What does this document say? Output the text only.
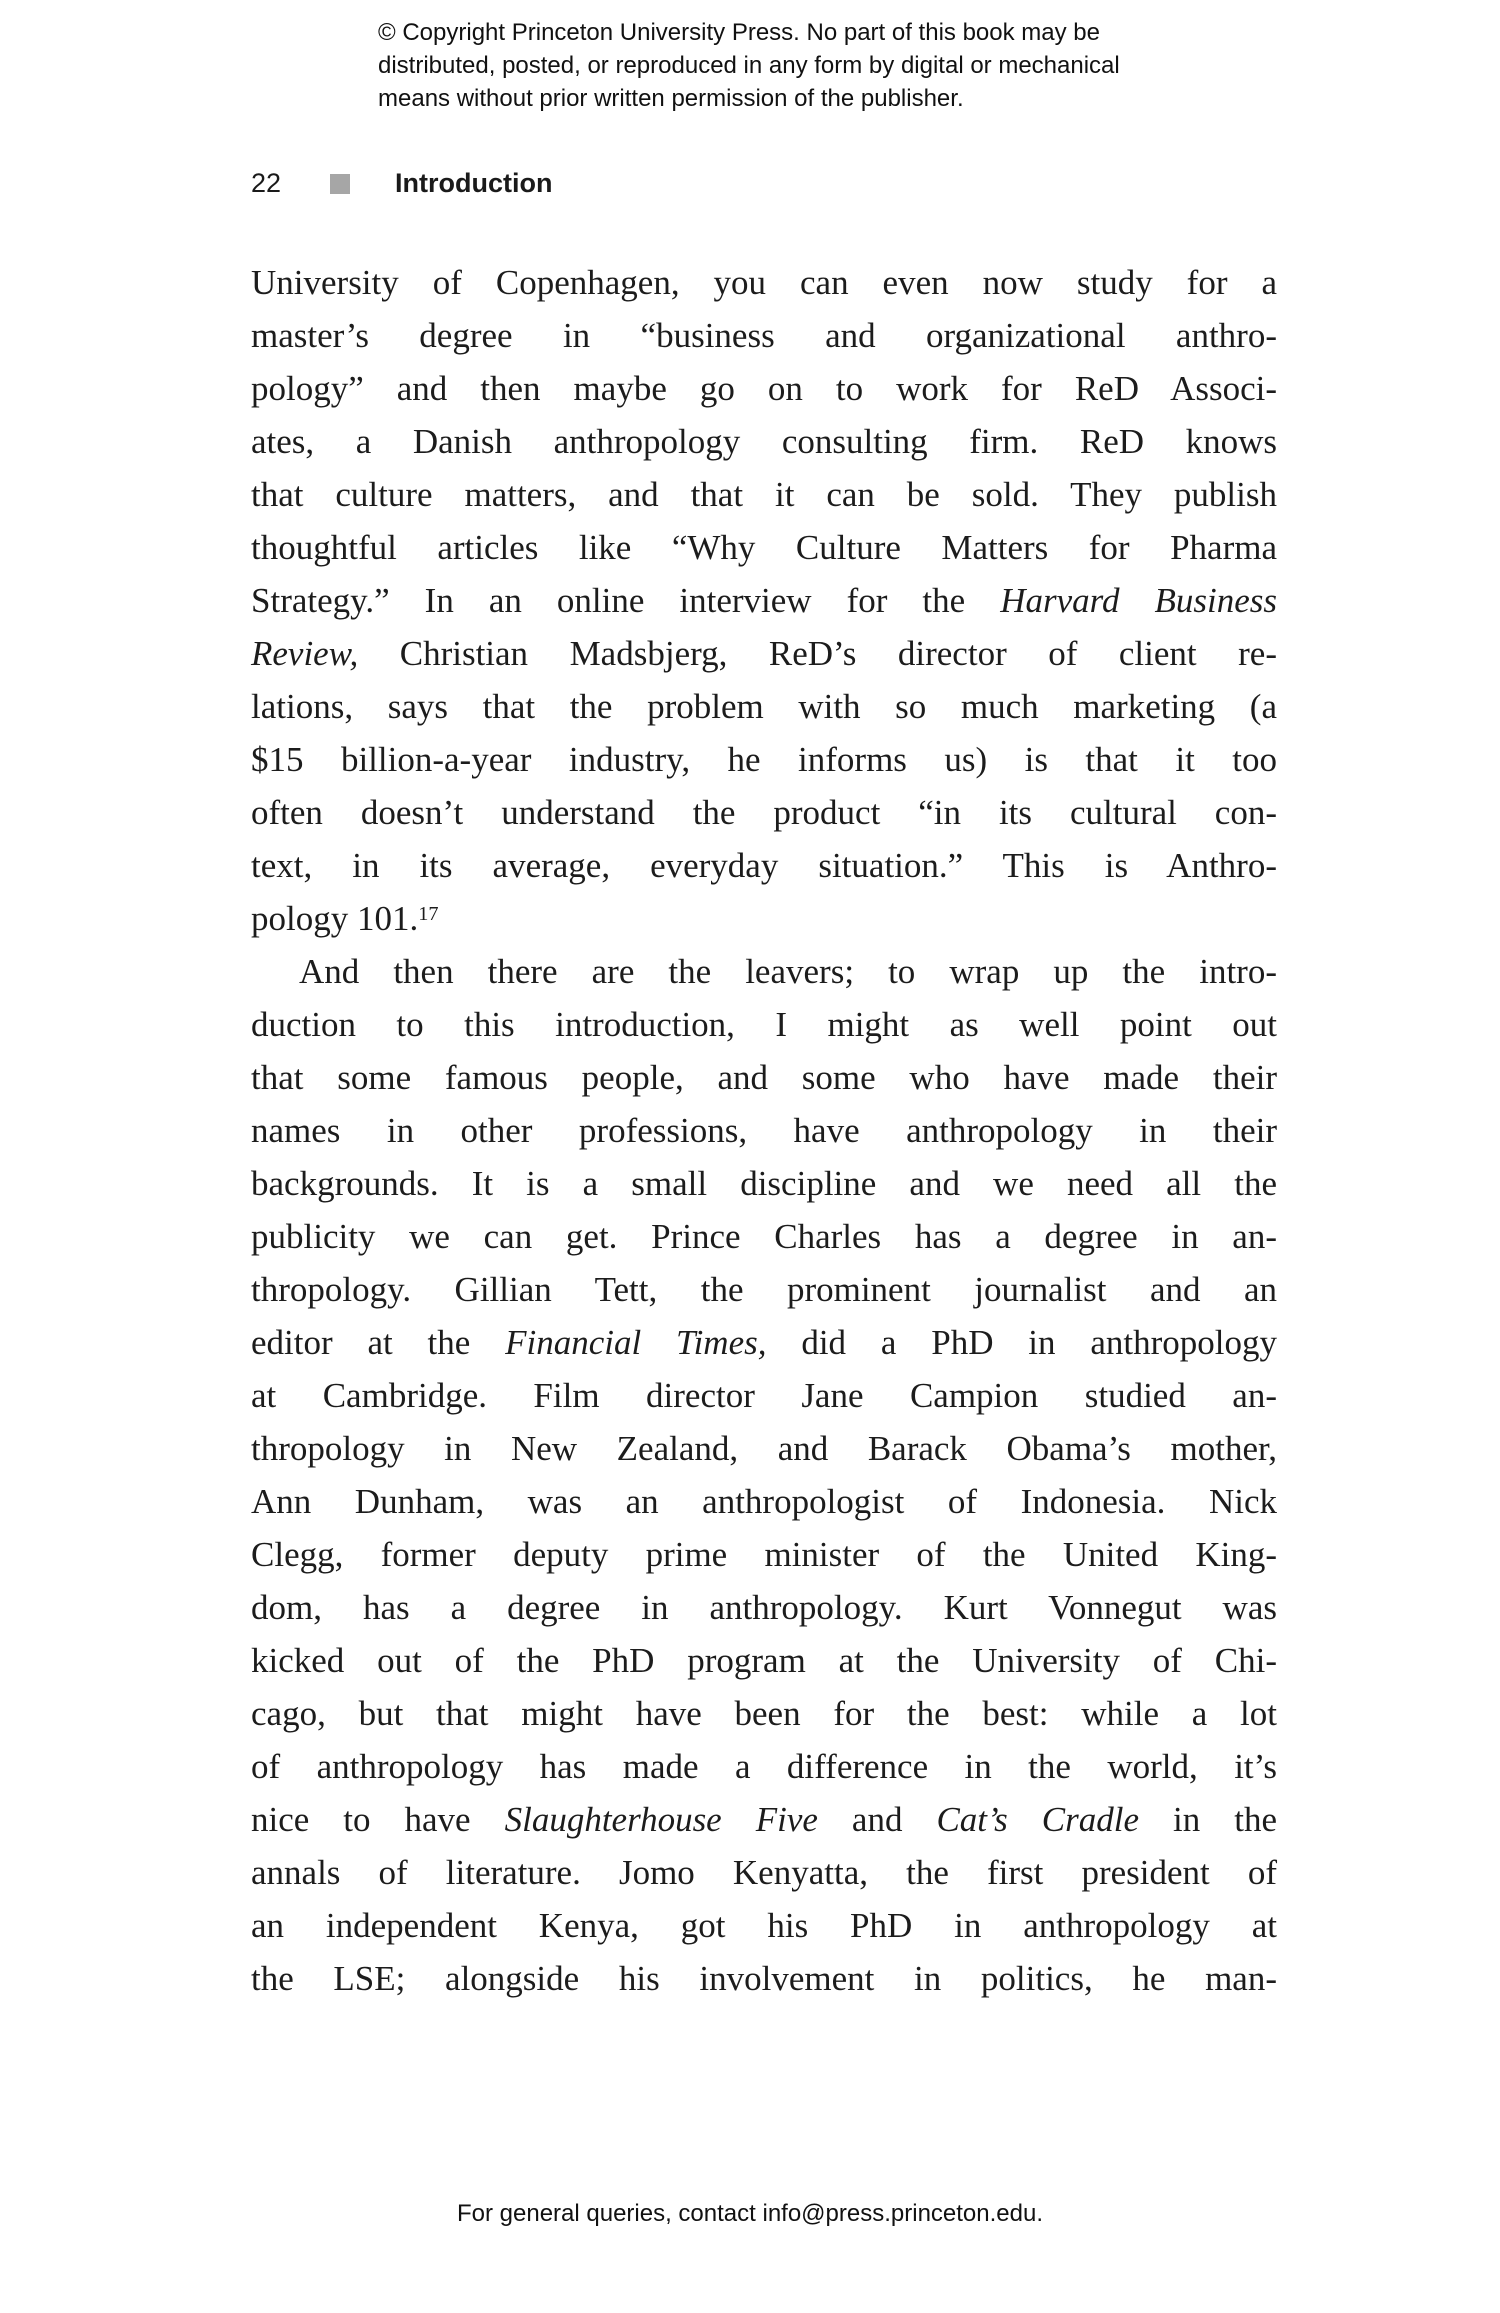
© Copyright Princeton University Press. No part of this book may be
distributed, posted, or reproduced in any form by digital or mechanical
means without prior written permission of the publisher.
22	Introduction
University of Copenhagen, you can even now study for a
master’s degree in “business and organizational anthro-
pology” and then maybe go on to work for ReD Associ-
ates, a Danish anthropology consulting firm. ReD knows
that culture matters, and that it can be sold. They publish
thoughtful articles like “Why Culture Matters for Pharma
Strategy.” In an online interview for the Harvard Business
Review, Christian Madsbjerg, ReD’s director of client re-
lations, says that the problem with so much marketing (a
$15 billion-a-year industry, he informs us) is that it too
often doesn’t understand the product “in its cultural con-
text, in its average, everyday situation.” This is Anthro-
pology 101.17
And then there are the leavers; to wrap up the intro-
duction to this introduction, I might as well point out
that some famous people, and some who have made their
names in other professions, have anthropology in their
backgrounds. It is a small discipline and we need all the
publicity we can get. Prince Charles has a degree in an-
thropology. Gillian Tett, the prominent journalist and an
editor at the Financial Times, did a PhD in anthropology
at Cambridge. Film director Jane Campion studied an-
thropology in New Zealand, and Barack Obama’s mother,
Ann Dunham, was an anthropologist of Indonesia. Nick
Clegg, former deputy prime minister of the United King-
dom, has a degree in anthropology. Kurt Vonnegut was
kicked out of the PhD program at the University of Chi-
cago, but that might have been for the best: while a lot
of anthropology has made a difference in the world, it’s
nice to have Slaughterhouse Five and Cat’s Cradle in the
annals of literature. Jomo Kenyatta, the first president of
an independent Kenya, got his PhD in anthropology at
the LSE; alongside his involvement in politics, he man-
For general queries, contact info@press.princeton.edu.
